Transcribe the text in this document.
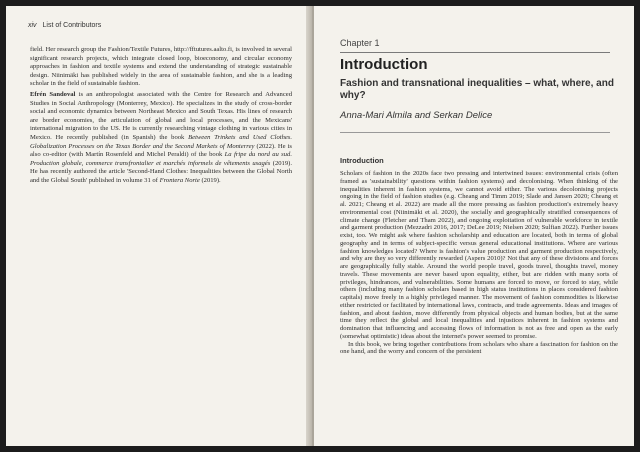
xiv List of Contributors

field. Her research group the Fashion/Textile Futures, http://fftutures.aalto.fi, is involved in several significant research projects, which integrate closed loop, bioeconomy, and circular economy approaches in fashion and textile systems and extend the understanding of strategic sustainable design. Niinimäki has published widely in the area of sustainable fashion, and she is a leading scholar in the field of sustainable fashion.

Efrén Sandoval is an anthropologist associated with the Centre for Research and Advanced Studies in Social Anthropology (Monterrey, Mexico). He specializes in the study of cross-border social and economic dynamics between Northeast Mexico and South Texas. His lines of research are border economies, the articulation of global and local processes, and the Mexicans' international migration to the US. He is currently researching vintage clothing in various cities in Mexico. He recently published (in Spanish) the book Between Trinkets and Used Clothes. Globalization Processes on the Texas Border and the Second Markets of Monterrey (2022). He is also co-editor (with Martín Rosenfeld and Michel Peraldi) of the book La fripe du nord au sud. Production globale, commerce transfrontalier et marchés informels de vêtements usagés (2019). He has recently authored the article 'Second-Hand Clothes: Inequalities between the Global North and the Global South' published in volume 31 of Frontera Norte (2019).

Chapter 1
Introduction
Fashion and transnational inequalities – what, where, and why?
Anna-Mari Almila and Serkan Delice
Introduction

Scholars of fashion in the 2020s face two pressing and intertwined issues: environmental crisis (often framed as 'sustainability' questions within fashion systems) and decolonising. When thinking of the inequalities inherent in fashion systems, we cannot avoid either. The various decolonising projects ongoing in the field of fashion studies (e.g. Cheang and Timm 2019; Slade and Jansen 2020; Cheang et al. 2021; Cheang et al. 2022) are made all the more pressing as fashion production's extremely heavy environmental cost (Niinimäki et al. 2020), the socially and geographically stratified consequences of climate change (Fletcher and Tham 2022), and ongoing exploitation of vulnerable workforce in textile and garment production (Mezzadri 2016, 2017; DeLee 2019; Nielsen 2020; Sulfian 2022). Further issues exist, too. We might ask where fashion scholarship and education are located, both in terms of global geography and in terms of subject-specific versus general educational institutions. Where are various fashion knowledges located? Where is fashion's value production and garment production respectively, and why are they so very differently rewarded (Aspers 2010)? Not that any of these divisions and forces are geographically fully stable. Around the world people travel, goods travel, thoughts travel, money travels. These movements are never based upon equality, either, but are ridden with many sorts of privileges, hindrances, and vulnerabilities. Some humans are forced to move, or forced to stay, while others (including many fashion scholars based in high status institutions in places considered fashion capitals) move freely in a highly privileged manner. The movement of fashion commodities is likewise either restricted or facilitated by international laws, contracts, and trade agreements. Ideas and images of fashion, and about fashion, move differently from physical objects and human bodies, but at the same time they reflect the global and local inequalities and injustices inherent in fashion systems and domination that influencing and accessing flows of information is not as free and open as the early (somewhat optimistic) ideas about the internet's power seemed to promise.

In this book, we bring together contributions from scholars who share a fascination for fashion on the one hand, and the worry and concern of the persistent
